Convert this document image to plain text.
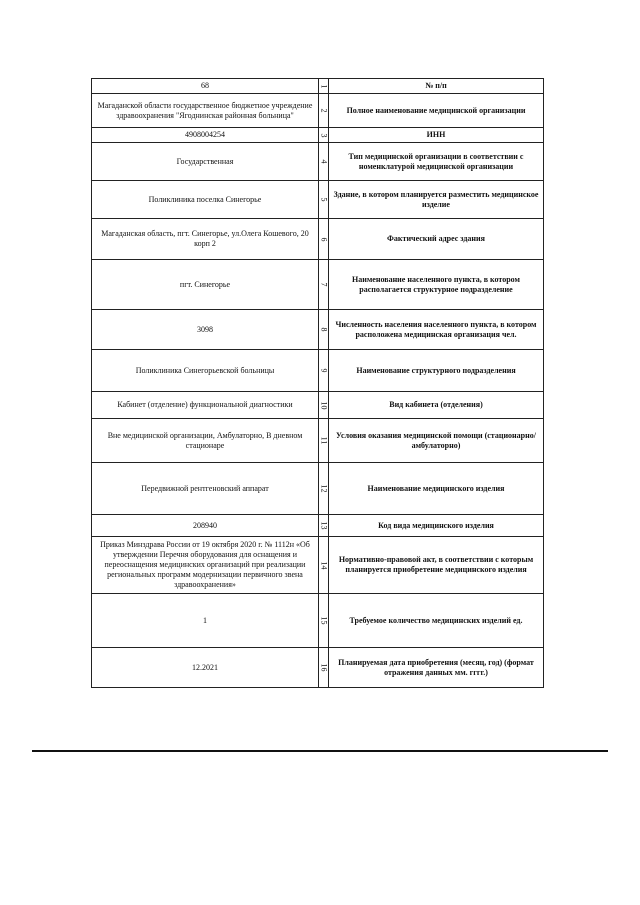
68	1	№ п/п
Магаданской области государственное бюджетное учреждение здравоохранения "Ягоднинская районная больница"	2	Полное наименование медицинской организации
4908004254	3	ИНН
Государственная	4	Тип медицинской организации в соответствии с номенклатурой медицинской организации
Поликлиника поселка Синегорье	5	Здание, в котором планируется разместить медицинское изделие
Магаданская область, пгт. Синегорье, ул.Олега Кошевого, 20 корп 2	6	Фактический адрес здания
пгт. Синегорье	7	Наименование населенного пункта, в котором располагается структурное подразделение
3098	8	Численность населения населенного пункта, в котором расположена медицинская организация чел.
Поликлиника Синегорьевской больницы	9	Наименование структурного подразделения
Кабинет (отделение) функциональной диагностики	10	Вид кабинета (отделения)
Вне медицинской организации, Амбулаторно, В дневном стационаре	11	Условия оказания медицинской помощи (стационарно/амбулаторно)
Передвижной рентгеновский аппарат	12	Наименование медицинского изделия
208940	13	Код вида медицинского изделия
Приказ Минздрава России от 19 октября 2020 г. № 1112н «Об утверждении Перечня оборудования для оснащения и переоснащения медицинских организаций при реализации региональных программ модернизации первичного звена здравоохранения»	14	Нормативно-правовой акт, в соответствии с которым планируется приобретение медицинского изделия
1	15	Требуемое количество медицинских изделий ед.
12.2021	16	Планируемая дата приобретения (месяц, год) (формат отражения данных мм. гггг.)
